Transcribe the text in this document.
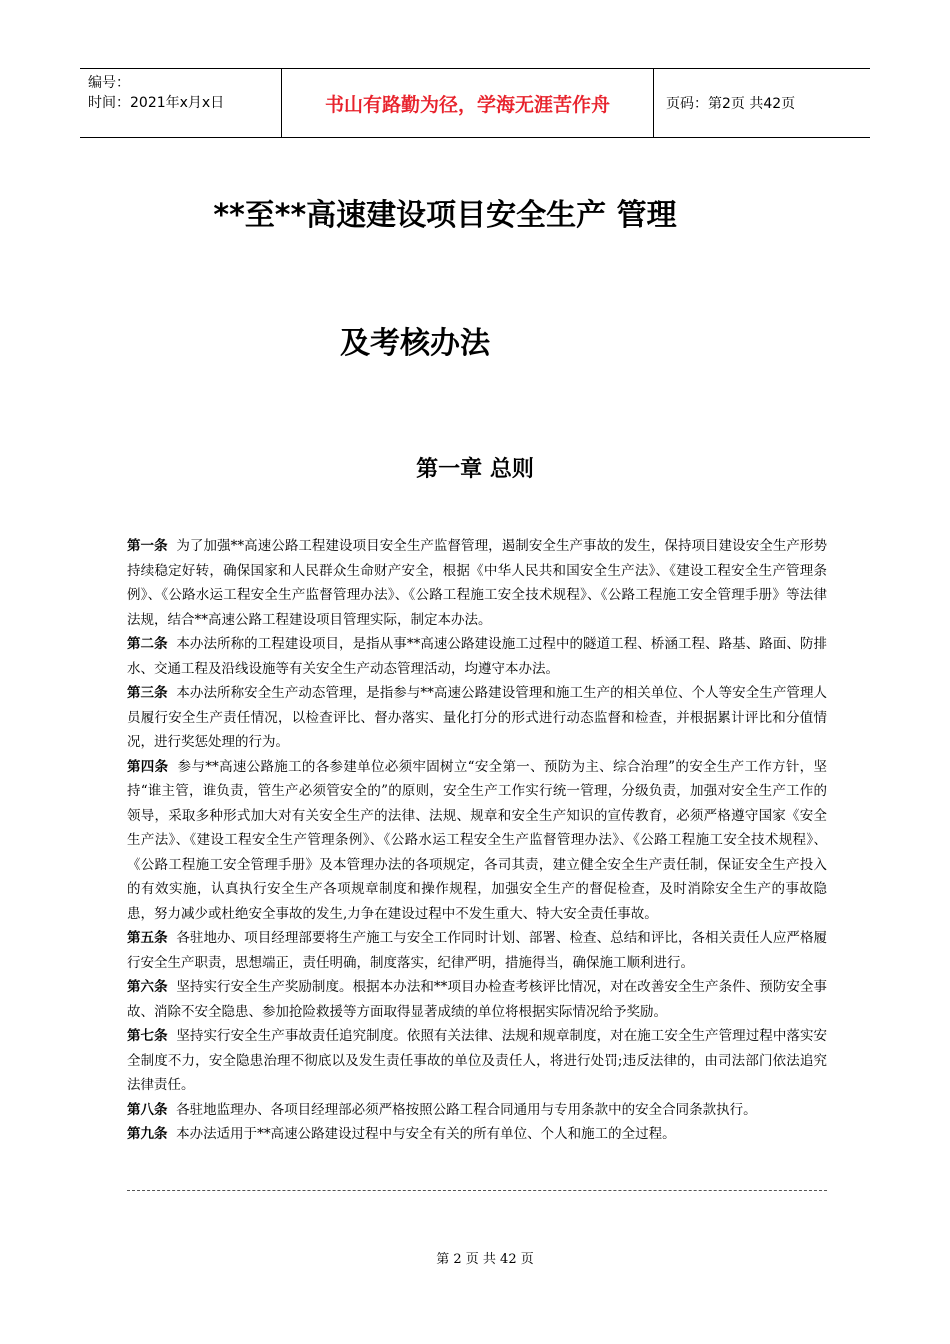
编号：
时间：2021年x月x日	书山有路勤为径，学海无涯苦作舟	页码：第2页 共42页
**至**高速建设项目安全生产 管理
及考核办法
第一章 总则

第一条 为了加强**高速公路工程建设项目安全生产监督管理，遏制安全生产事故的发生，保持项目建设安全生产形势持续稳定好转，确保国家和人民群众生命财产安全，根据《中华人民共和国安全生产法》、《建设工程安全生产管理条例》、《公路水运工程安全生产监督管理办法》、《公路工程施工安全技术规程》、《公路工程施工安全管理手册》等法律法规，结合**高速公路工程建设项目管理实际，制定本办法。

第二条 本办法所称的工程建设项目，是指从事**高速公路建设施工过程中的隧道工程、桥涵工程、路基、路面、防排水、交通工程及沿线设施等有关安全生产动态管理活动，均遵守本办法。

第三条 本办法所称安全生产动态管理，是指参与**高速公路建设管理和施工生产的相关单位、个人等安全生产管理人员履行安全生产责任情况，以检查评比、督办落实、量化打分的形式进行动态监督和检查，并根据累计评比和分值情况，进行奖惩处理的行为。

第四条 参与**高速公路施工的各参建单位必须牢固树立“安全第一、预防为主、综合治理”的安全生产工作方针，坚持“谁主管，谁负责，管生产必须管安全的”的原则，安全生产工作实行统一管理，分级负责，加强对安全生产工作的领导，采取多种形式加大对有关安全生产的法律、法规、规章和安全生产知识的宣传教育，必须严格遵守国家《安全生产法》、《建设工程安全生产管理条例》、《公路水运工程安全生产监督管理办法》、《公路工程施工安全技术规程》、《公路工程施工安全管理手册》及本管理办法的各项规定，各司其责，建立健全安全生产责任制，保证安全生产投入的有效实施，认真执行安全生产各项规章制度和操作规程，加强安全生产的督促检查，及时消除安全生产的事故隐患，努力减少或杜绝安全事故的发生,力争在建设过程中不发生重大、特大安全责任事故。

第五条 各驻地办、项目经理部要将生产施工与安全工作同时计划、部署、检查、总结和评比，各相关责任人应严格履行安全生产职责，思想端正，责任明确，制度落实，纪律严明，措施得当，确保施工顺利进行。

第六条 坚持实行安全生产奖励制度。根据本办法和**项目办检查考核评比情况，对在改善安全生产条件、预防安全事故、消除不安全隐患、参加抢险救援等方面取得显著成绩的单位将根据实际情况给予奖励。

第七条 坚持实行安全生产事故责任追究制度。依照有关法律、法规和规章制度，对在施工安全生产管理过程中落实安全制度不力，安全隐患治理不彻底以及发生责任事故的单位及责任人，将进行处罚;违反法律的，由司法部门依法追究法律责任。

第八条 各驻地监理办、各项目经理部必须严格按照公路工程合同通用与专用条款中的安全合同条款执行。

第九条 本办法适用于**高速公路建设过程中与安全有关的所有单位、个人和施工的全过程。

第 2 页 共 42 页
